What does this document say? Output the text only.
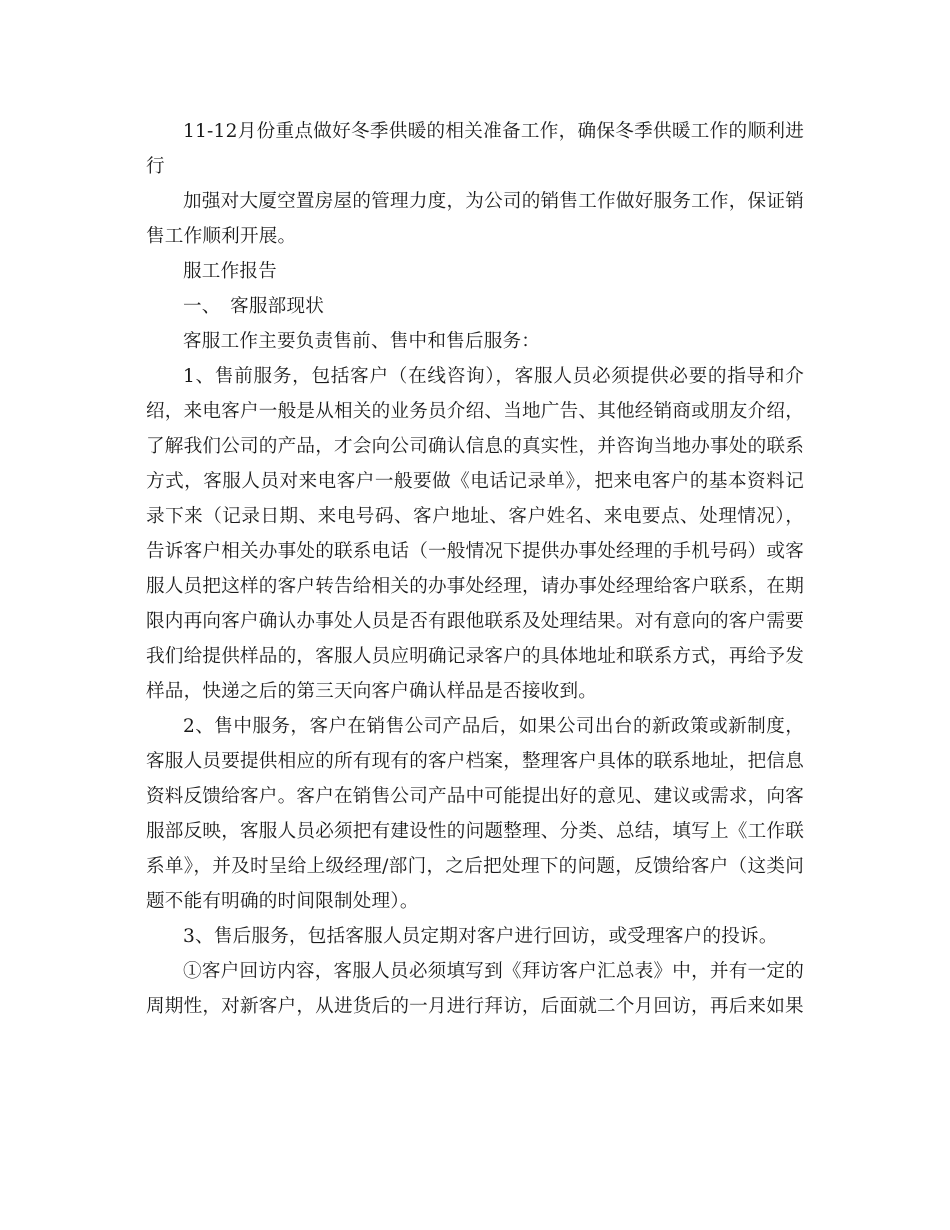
11-12月份重点做好冬季供暖的相关准备工作，确保冬季供暖工作的顺利进行

加强对大厦空置房屋的管理力度，为公司的销售工作做好服务工作，保证销售工作顺利开展。

服工作报告

一、　客服部现状

客服工作主要负责售前、售中和售后服务：

1、售前服务，包括客户（在线咨询），客服人员必须提供必要的指导和介绍，来电客户一般是从相关的业务员介绍、当地广告、其他经销商或朋友介绍，了解我们公司的产品，才会向公司确认信息的真实性，并咨询当地办事处的联系方式，客服人员对来电客户一般要做《电话记录单》，把来电客户的基本资料记录下来（记录日期、来电号码、客户地址、客户姓名、来电要点、处理情况），告诉客户相关办事处的联系电话（一般情况下提供办事处经理的手机号码）或客服人员把这样的客户转告给相关的办事处经理，请办事处经理给客户联系，在期限内再向客户确认办事处人员是否有跟他联系及处理结果。对有意向的客户需要我们给提供样品的，客服人员应明确记录客户的具体地址和联系方式，再给予发样品，快递之后的第三天向客户确认样品是否接收到。

2、售中服务，客户在销售公司产品后，如果公司出台的新政策或新制度，客服人员要提供相应的所有现有的客户档案，整理客户具体的联系地址，把信息资料反馈给客户。客户在销售公司产品中可能提出好的意见、建议或需求，向客服部反映，客服人员必须把有建设性的问题整理、分类、总结，填写上《工作联系单》，并及时呈给上级经理/部门，之后把处理下的问题，反馈给客户（这类问题不能有明确的时间限制处理）。

3、售后服务，包括客服人员定期对客户进行回访，或受理客户的投诉。

①客户回访内容，客服人员必须填写到《拜访客户汇总表》中，并有一定的周期性，对新客户，从进货后的一月进行拜访，后面就二个月回访，再后来如果
